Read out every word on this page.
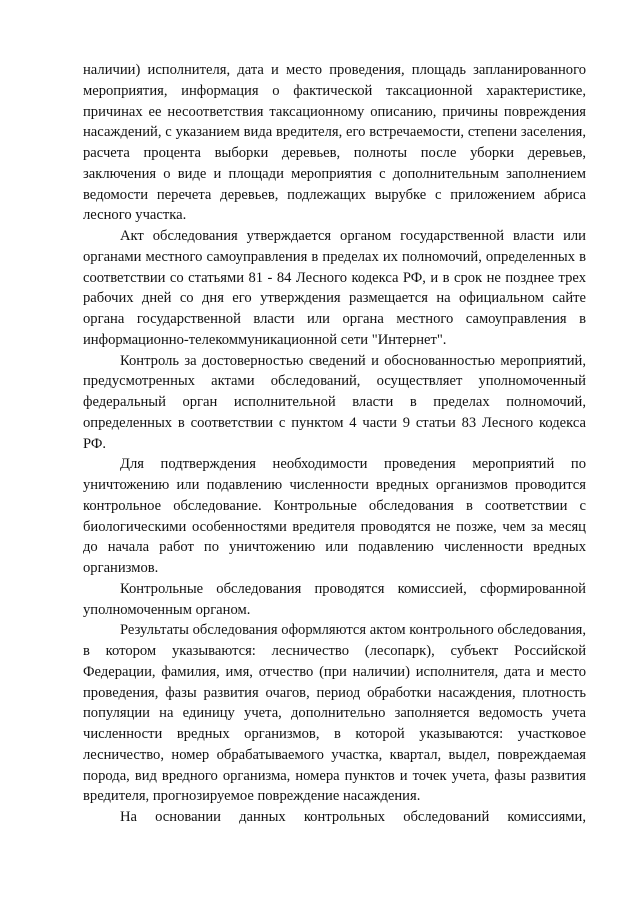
наличии) исполнителя, дата и место проведения, площадь запланированного мероприятия, информация о фактической таксационной характеристике, причинах ее несоответствия таксационному описанию, причины повреждения насаждений, с указанием вида вредителя, его встречаемости, степени заселения, расчета процента выборки деревьев, полноты после уборки деревьев, заключения о виде и площади мероприятия с дополнительным заполнением ведомости перечета деревьев, подлежащих вырубке с приложением абриса лесного участка.

Акт обследования утверждается органом государственной власти или органами местного самоуправления в пределах их полномочий, определенных в соответствии со статьями 81 - 84 Лесного кодекса РФ, и в срок не позднее трех рабочих дней со дня его утверждения размещается на официальном сайте органа государственной власти или органа местного самоуправления в информационно-телекоммуникационной сети "Интернет".

Контроль за достоверностью сведений и обоснованностью мероприятий, предусмотренных актами обследований, осуществляет уполномоченный федеральный орган исполнительной власти в пределах полномочий, определенных в соответствии с пунктом 4 части 9 статьи 83 Лесного кодекса РФ.

Для подтверждения необходимости проведения мероприятий по уничтожению или подавлению численности вредных организмов проводится контрольное обследование. Контрольные обследования в соответствии с биологическими особенностями вредителя проводятся не позже, чем за месяц до начала работ по уничтожению или подавлению численности вредных организмов.

Контрольные обследования проводятся комиссией, сформированной уполномоченным органом.

Результаты обследования оформляются актом контрольного обследования, в котором указываются: лесничество (лесопарк), субъект Российской Федерации, фамилия, имя, отчество (при наличии) исполнителя, дата и место проведения, фазы развития очагов, период обработки насаждения, плотность популяции на единицу учета, дополнительно заполняется ведомость учета численности вредных организмов, в которой указываются: участковое лесничество, номер обрабатываемого участка, квартал, выдел, повреждаемая порода, вид вредного организма, номера пунктов и точек учета, фазы развития вредителя, прогнозируемое повреждение насаждения.

На основании данных контрольных обследований комиссиями,
